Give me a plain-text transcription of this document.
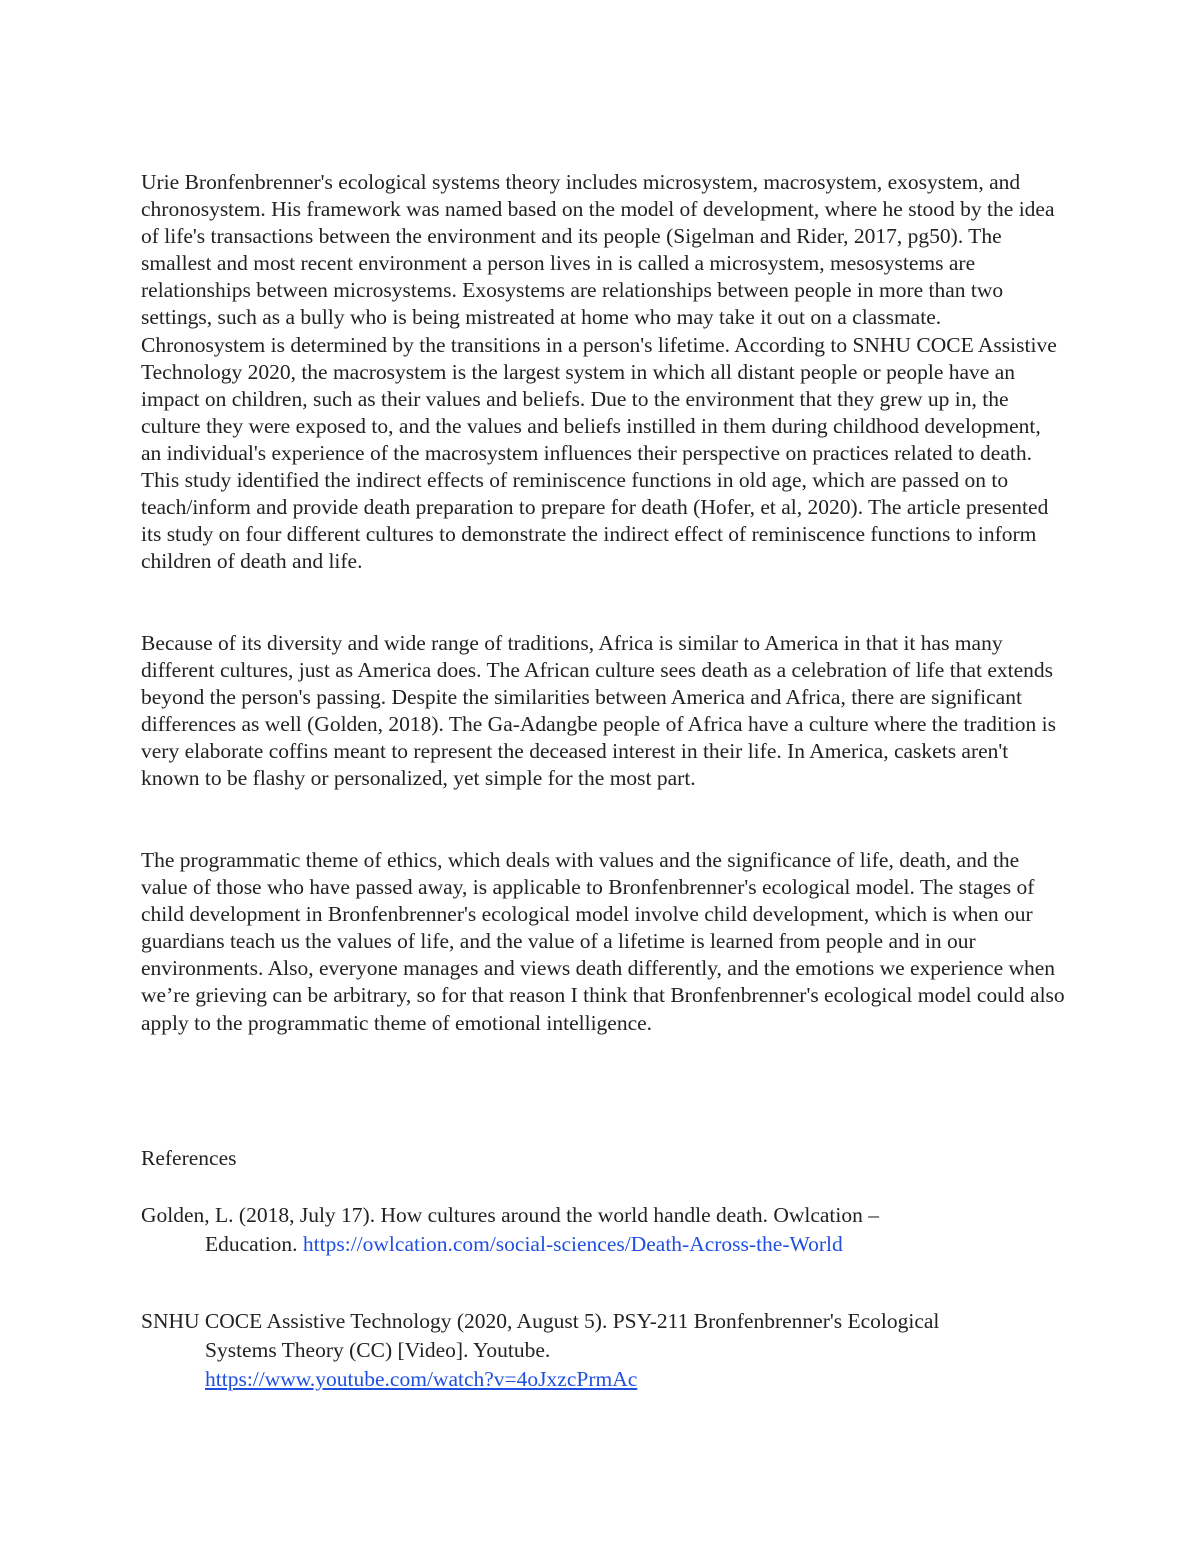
Urie Bronfenbrenner's ecological systems theory includes microsystem, macrosystem, exosystem, and chronosystem. His framework was named based on the model of development, where he stood by the idea of life's transactions between the environment and its people (Sigelman and Rider, 2017, pg50). The smallest and most recent environment a person lives in is called a microsystem, mesosystems are relationships between microsystems. Exosystems are relationships between people in more than two settings, such as a bully who is being mistreated at home who may take it out on a classmate. Chronosystem is determined by the transitions in a person's lifetime. According to SNHU COCE Assistive Technology 2020, the macrosystem is the largest system in which all distant people or people have an impact on children, such as their values and beliefs. Due to the environment that they grew up in, the culture they were exposed to, and the values and beliefs instilled in them during childhood development, an individual's experience of the macrosystem influences their perspective on practices related to death. This study identified the indirect effects of reminiscence functions in old age, which are passed on to teach/inform and provide death preparation to prepare for death (Hofer, et al, 2020). The article presented its study on four different cultures to demonstrate the indirect effect of reminiscence functions to inform children of death and life.

Because of its diversity and wide range of traditions, Africa is similar to America in that it has many different cultures, just as America does. The African culture sees death as a celebration of life that extends beyond the person's passing. Despite the similarities between America and Africa, there are significant differences as well (Golden, 2018). The Ga-Adangbe people of Africa have a culture where the tradition is very elaborate coffins meant to represent the deceased interest in their life. In America, caskets aren't known to be flashy or personalized, yet simple for the most part.

The programmatic theme of ethics, which deals with values and the significance of life, death, and the value of those who have passed away, is applicable to Bronfenbrenner's ecological model. The stages of child development in Bronfenbrenner's ecological model involve child development, which is when our guardians teach us the values of life, and the value of a lifetime is learned from people and in our environments. Also, everyone manages and views death differently, and the emotions we experience when we’re grieving can be arbitrary, so for that reason I think that Bronfenbrenner's ecological model could also apply to the programmatic theme of emotional intelligence.

References
Golden, L. (2018, July 17). How cultures around the world handle death. Owlcation –
Education. https://owlcation.com/social-sciences/Death-Across-the-World
SNHU COCE Assistive Technology (2020, August 5). PSY-211 Bronfenbrenner's Ecological
Systems Theory (CC) [Video]. Youtube.
https://www.youtube.com/watch?v=4oJxzcPrmAc
